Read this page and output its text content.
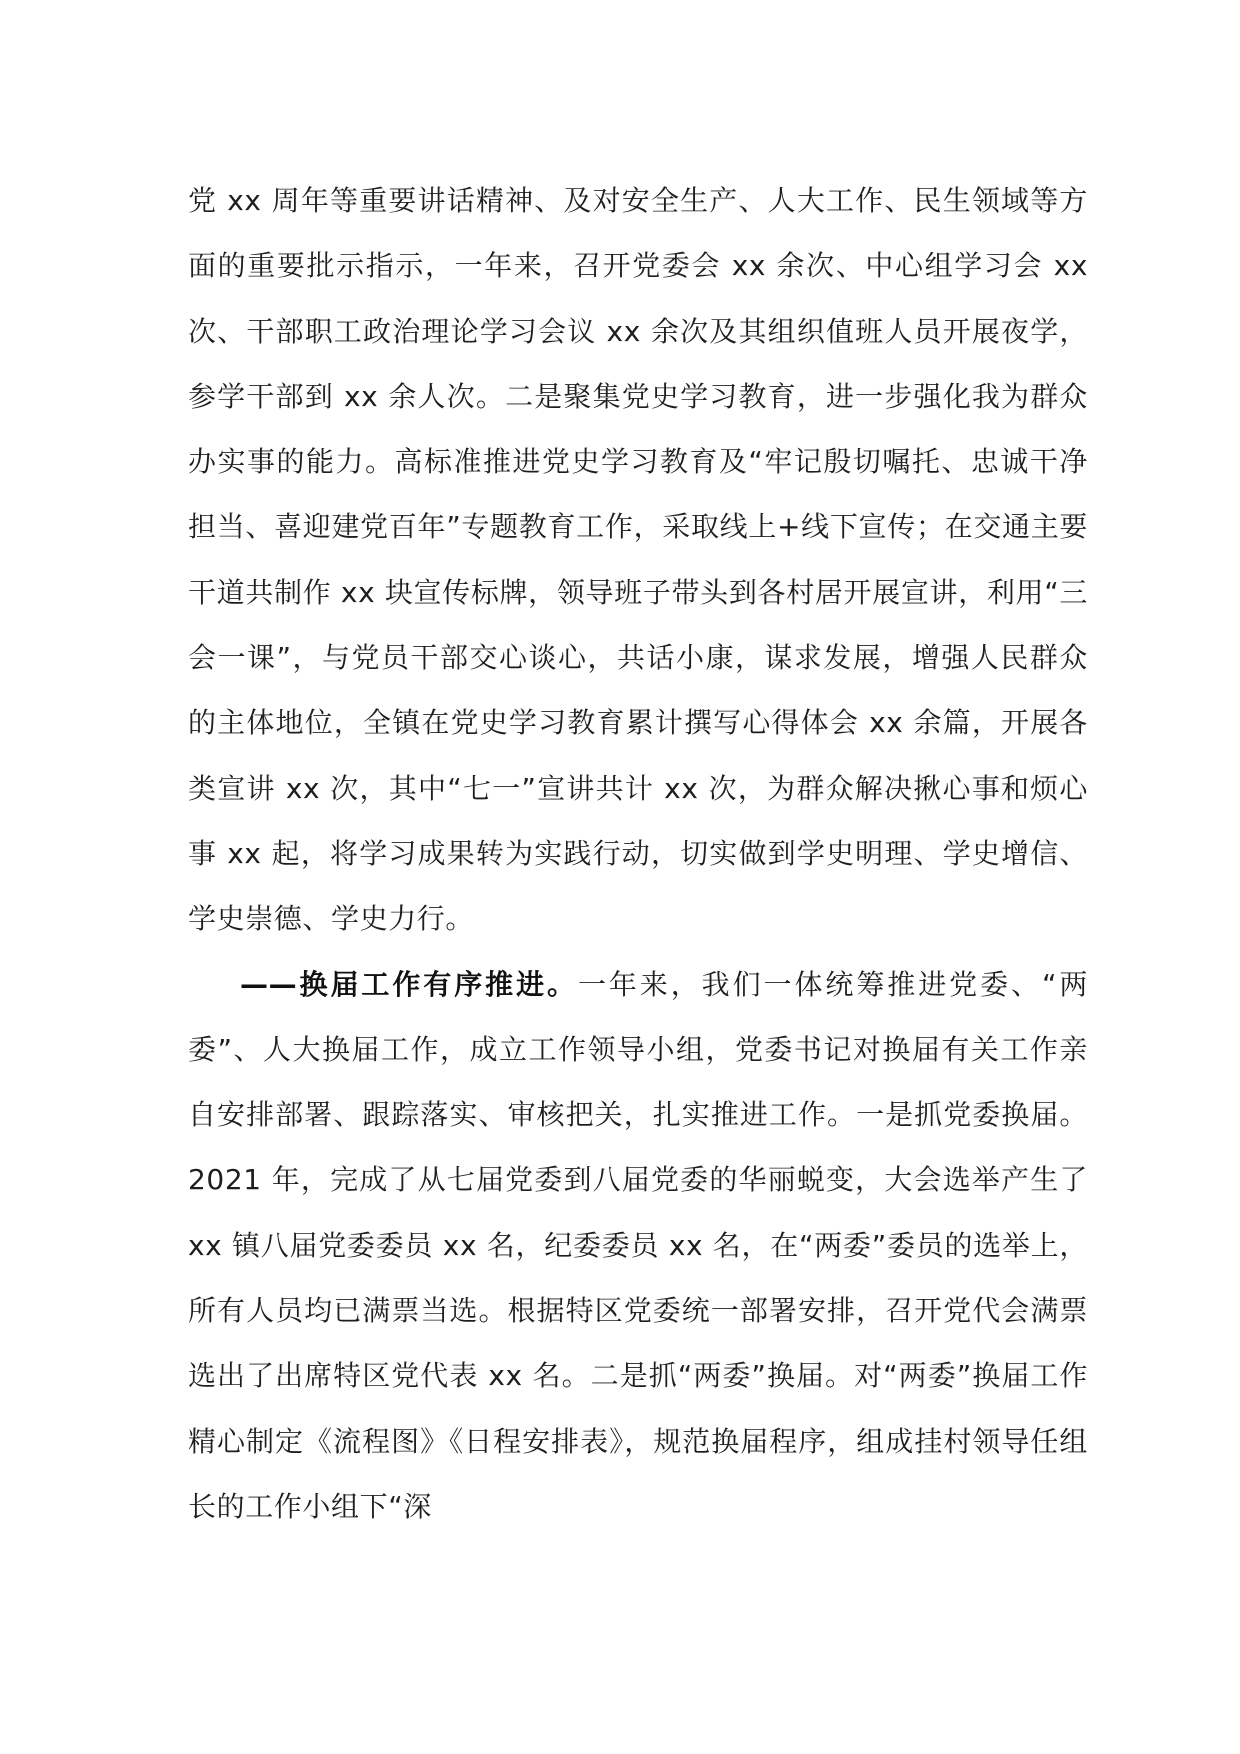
党 xx 周年等重要讲话精神、及对安全生产、人大工作、民生领域等方面的重要批示指示，一年来，召开党委会 xx 余次、中心组学习会 xx 次、干部职工政治理论学习会议 xx 余次及其组织值班人员开展夜学，参学干部到 xx 余人次。二是聚集党史学习教育，进一步强化我为群众办实事的能力。高标准推进党史学习教育及“牢记殷切嘱托、忠诚干净担当、喜迎建党百年”专题教育工作，采取线上+线下宣传；在交通主要干道共制作 xx 块宣传标牌，领导班子带头到各村居开展宣讲，利用“三会一课”，与党员干部交心谈心，共话小康，谋求发展，增强人民群众的主体地位，全镇在党史学习教育累计撰写心得体会 xx 余篇，开展各类宣讲 xx 次，其中“七一”宣讲共计 xx 次，为群众解决揪心事和烦心事 xx 起，将学习成果转为实践行动，切实做到学史明理、学史增信、学史崇德、学史力行。

——换届工作有序推进。一年来，我们一体统筹推进党委、“两委”、人大换届工作，成立工作领导小组，党委书记对换届有关工作亲自安排部署、跟踪落实、审核把关，扎实推进工作。一是抓党委换届。2021 年，完成了从七届党委到八届党委的华丽蜕变，大会选举产生了 xx 镇八届党委委员 xx 名，纪委委员 xx 名，在“两委”委员的选举上，所有人员均已满票当选。根据特区党委统一部署安排，召开党代会满票选出了出席特区党代表 xx 名。二是抓“两委”换届。对“两委”换届工作精心制定《流程图》《日程安排表》，规范换届程序，组成挂村领导任组长的工作小组下“深
